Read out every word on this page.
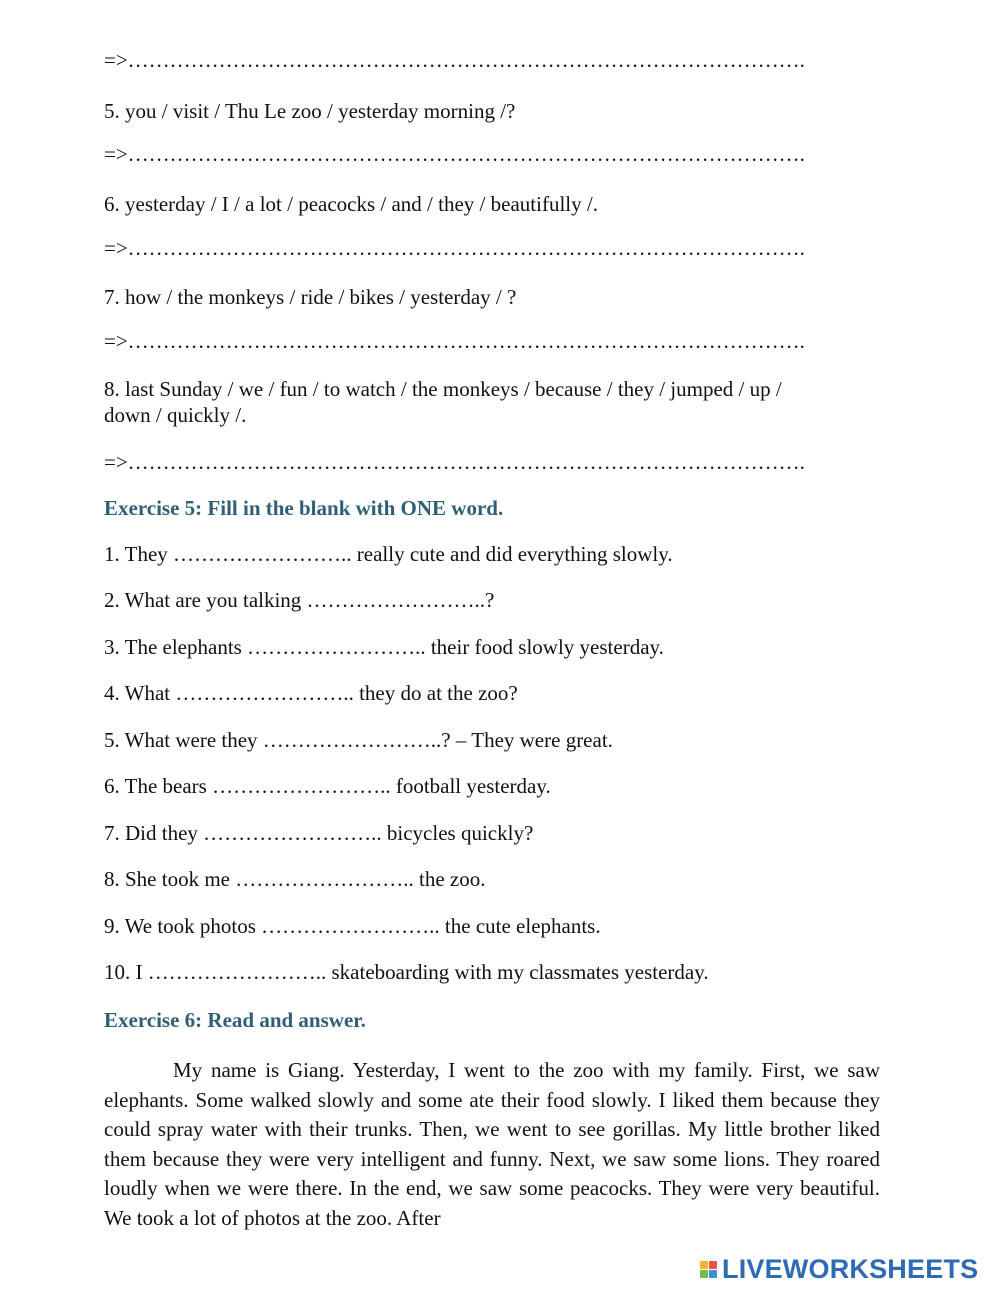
=>…………………………………………………………………………………….
5. you / visit / Thu Le zoo / yesterday morning /?
=>…………………………………………………………………………………….
6. yesterday / I / a lot / peacocks / and / they / beautifully /.
=>…………………………………………………………………………………….
7. how / the monkeys / ride / bikes / yesterday / ?
=>…………………………………………………………………………………….
8. last Sunday / we / fun / to watch / the monkeys / because / they / jumped / up /
down / quickly /.
=>…………………………………………………………………………………….
Exercise 5: Fill in the blank with ONE word.
1. They …………………….. really cute and did everything slowly.
2. What are you talking ……………………..?
3. The elephants …………………….. their food slowly yesterday.
4. What …………………….. they do at the zoo?
5. What were they ……………………..? – They were great.
6. The bears …………………….. football yesterday.
7. Did they …………………….. bicycles quickly?
8. She took me …………………….. the zoo.
9. We took photos …………………….. the cute elephants.
10. I …………………….. skateboarding with my classmates yesterday.
Exercise 6: Read and answer.
My name is Giang. Yesterday, I went to the zoo with my family. First, we saw elephants. Some walked slowly and some ate their food slowly. I liked them because they could spray water with their trunks. Then, we went to see gorillas. My little brother liked them because they were very intelligent and funny. Next, we saw some lions. They roared loudly when we were there. In the end, we saw some peacocks. They were very beautiful. We took a lot of photos at the zoo. After
LIVEWORKSHEETS
